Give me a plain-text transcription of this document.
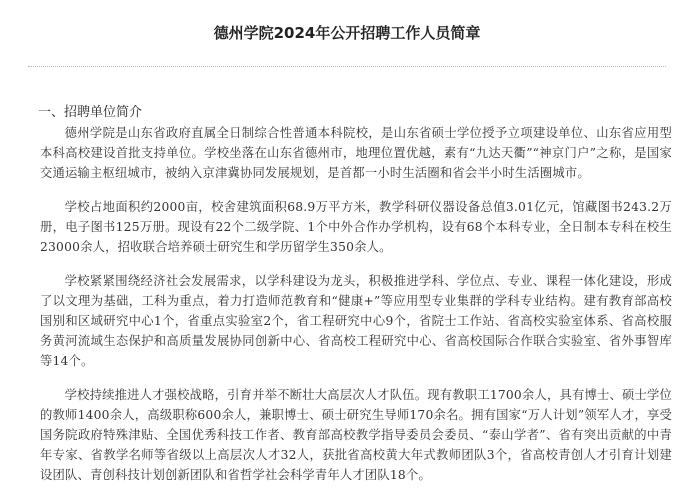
德州学院2024年公开招聘工作人员简章
一、招聘单位简介

德州学院是山东省政府直属全日制综合性普通本科院校，是山东省硕士学位授予立项建设单位、山东省应用型本科高校建设首批支持单位。学校坐落在山东省德州市，地理位置优越，素有“九达天衢”“神京门户”之称，是国家交通运输主枢纽城市，被纳入京津冀协同发展规划，是首都一小时生活圈和省会半小时生活圈城市。

学校占地面积约2000亩，校舍建筑面积68.9万平方米，教学科研仪器设备总值3.01亿元，馆藏图书243.2万册，电子图书125万册。现设有22个二级学院、1个中外合作办学机构，设有68个本科专业，全日制本专科在校生23000余人，招收联合培养硕士研究生和学历留学生350余人。

学校紧紧围绕经济社会发展需求，以学科建设为龙头，积极推进学科、学位点、专业、课程一体化建设，形成了以文理为基础，工科为重点，着力打造师范教育和“健康+”等应用型专业集群的学科专业结构。建有教育部高校国别和区域研究中心1个，省重点实验室2个，省工程研究中心9个，省院士工作站、省高校实验室体系、省高校服务黄河流域生态保护和高质量发展协同创新中心、省高校工程研究中心、省高校国际合作联合实验室、省外事智库等14个。

学校持续推进人才强校战略，引育并举不断壮大高层次人才队伍。现有教职工1700余人，具有博士、硕士学位的教师1400余人，高级职称600余人，兼职博士、硕士研究生导师170余名。拥有国家“万人计划”领军人才，享受国务院政府特殊津贴、全国优秀科技工作者、教育部高校教学指导委员会委员、“泰山学者”、省有突出贡献的中青年专家、省教学名师等省级以上高层次人才32人，获批省高校黄大年式教师团队3个，省高校青创人才引育计划建设团队、青创科技计划创新团队和省哲学社会科学青年人才团队18个。
